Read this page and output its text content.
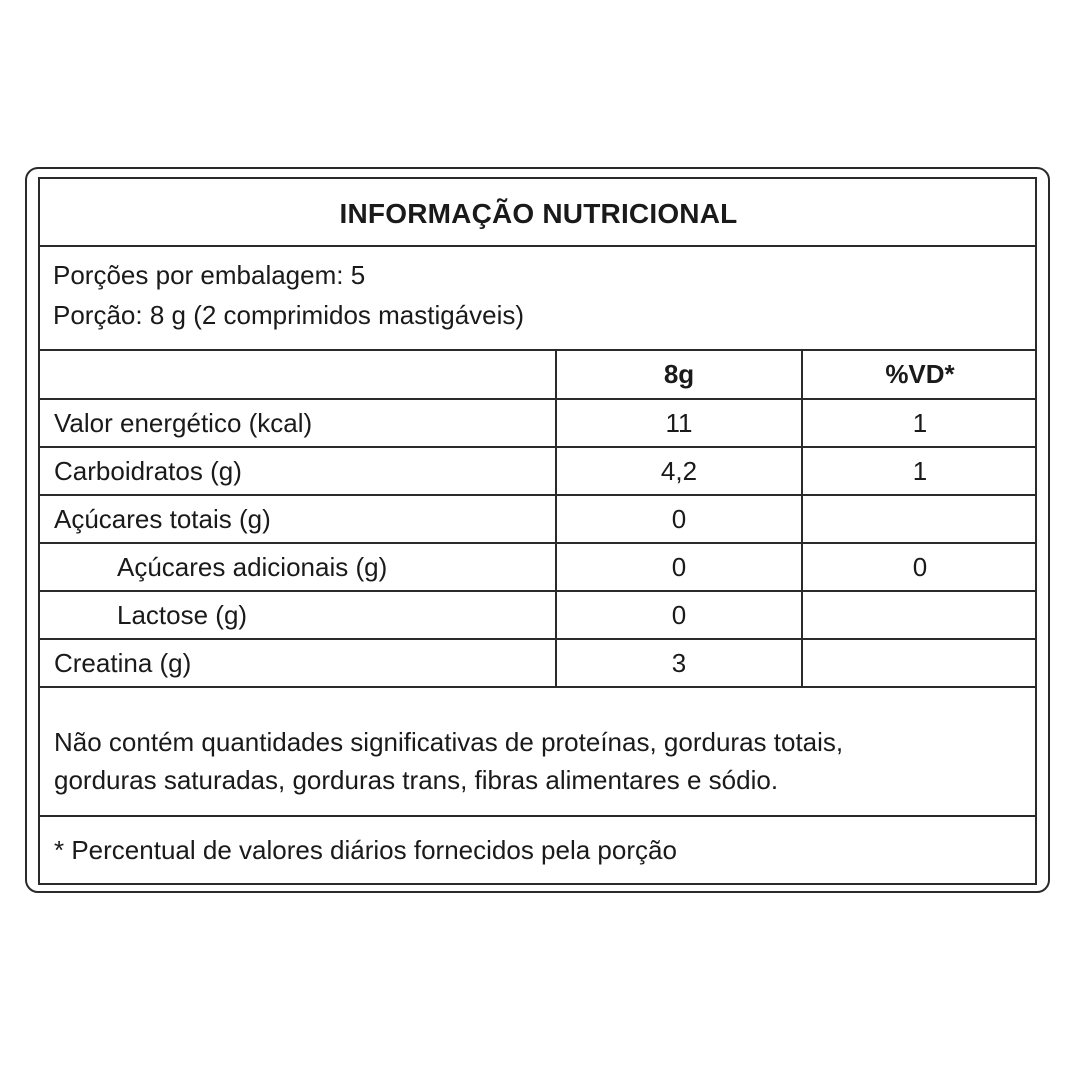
INFORMAÇÃO NUTRICIONAL
Porções por embalagem: 5
Porção: 8 g (2 comprimidos mastigáveis)
	8g	%VD*
Valor energético (kcal)	11	1
Carboidratos (g)	4,2	1
Açúcares totais (g)	0	
Açúcares adicionais (g)	0	0
Lactose (g)	0	
Creatina (g)	3	
Não contém quantidades significativas de proteínas, gorduras totais,
gorduras saturadas, gorduras trans, fibras alimentares e sódio.
* Percentual de valores diários fornecidos pela porção
